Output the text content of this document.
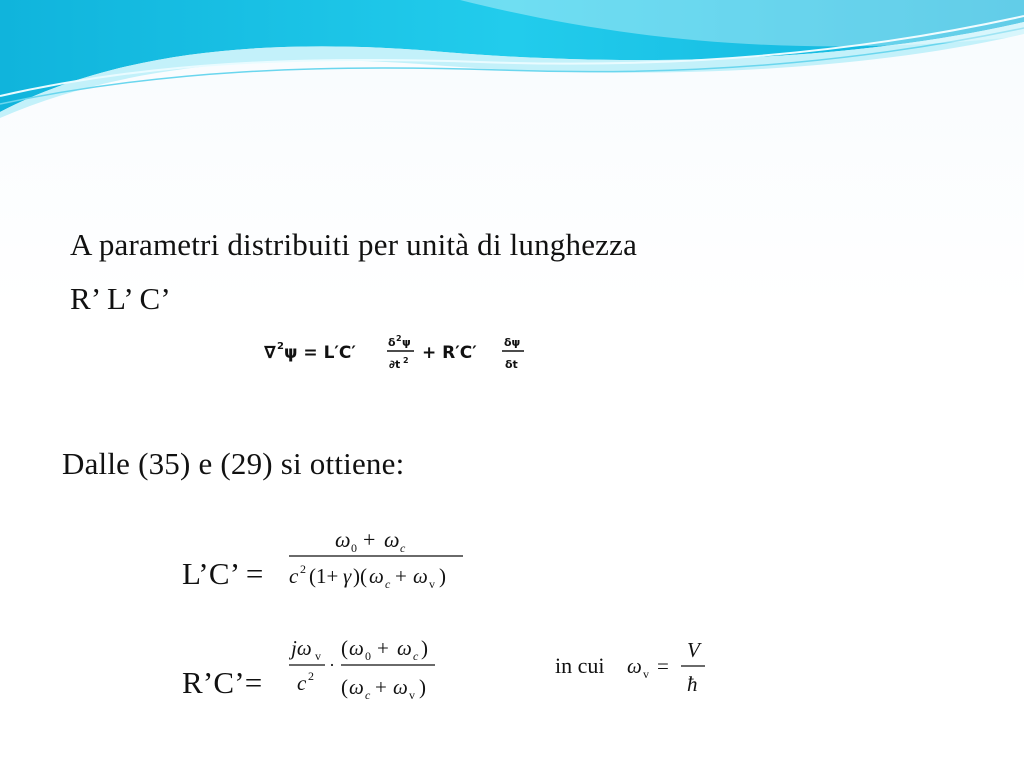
A parametri distribuiti per unità di lunghezza
R’ L’ C’
∇ 2 ψ = L′C′
δ 2 ψ
∂t 2 + R′C′
δψ
δt
Dalle (35) e (29) si ottiene:
L’C’ =
ω 0 + ω c
c 2 (1+ γ )( ω c + ω v )
R’C’=
jω v
c 2
·
( ω 0 + ω c )
( ω c + ω v )
in cui ω v =
V
ħ
